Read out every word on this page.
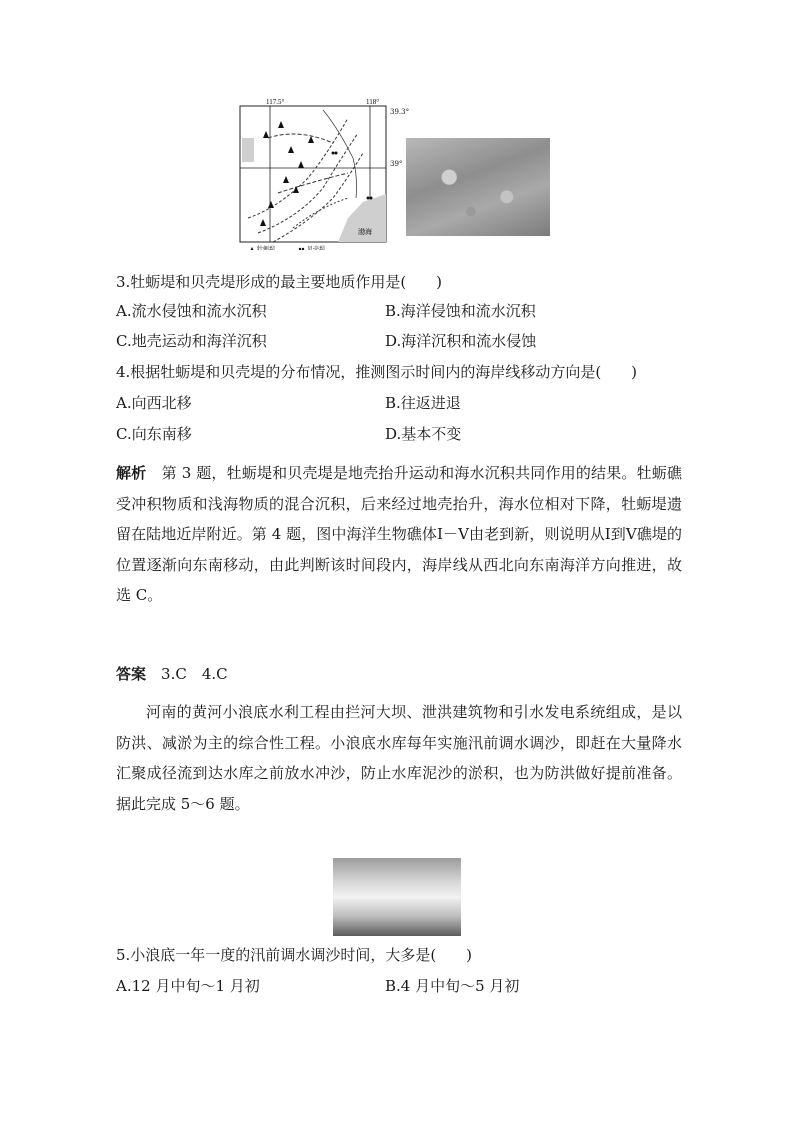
117.5°	118°
渤海
牡蛎堤	贝壳堤
39.3°
39°
3.牡蛎堤和贝壳堤形成的最主要地质作用是(　　)
A.流水侵蚀和流水沉积	B.海洋侵蚀和流水沉积
C.地壳运动和海洋沉积	D.海洋沉积和流水侵蚀
4.根据牡蛎堤和贝壳堤的分布情况，推测图示时间内的海岸线移动方向是(　　)
A.向西北移	B.往返进退
C.向东南移	D.基本不变
解析　 第 3 题，牡蛎堤和贝壳堤是地壳抬升运动和海水沉积共同作用的结果。牡蛎礁受冲积物质和浅海物质的混合沉积，后来经过地壳抬升，海水位相对下降，牡蛎堤遗留在陆地近岸附近。第 4 题，图中海洋生物礁体Ⅰ－Ⅴ由老到新，则说明从Ⅰ到Ⅴ礁堤的位置逐渐向东南移动，由此判断该时间段内，海岸线从西北向东南海洋方向推进，故选 C。
答案　 3.C　4.C
河南的黄河小浪底水利工程由拦河大坝、泄洪建筑物和引水发电系统组成，是以防洪、减淤为主的综合性工程。小浪底水库每年实施汛前调水调沙，即赶在大量降水汇聚成径流到达水库之前放水冲沙，防止水库泥沙的淤积，也为防洪做好提前准备。据此完成 5～6 题。
5.小浪底一年一度的汛前调水调沙时间，大多是(　　)
A.12 月中旬～1 月初	B.4 月中旬～5 月初
